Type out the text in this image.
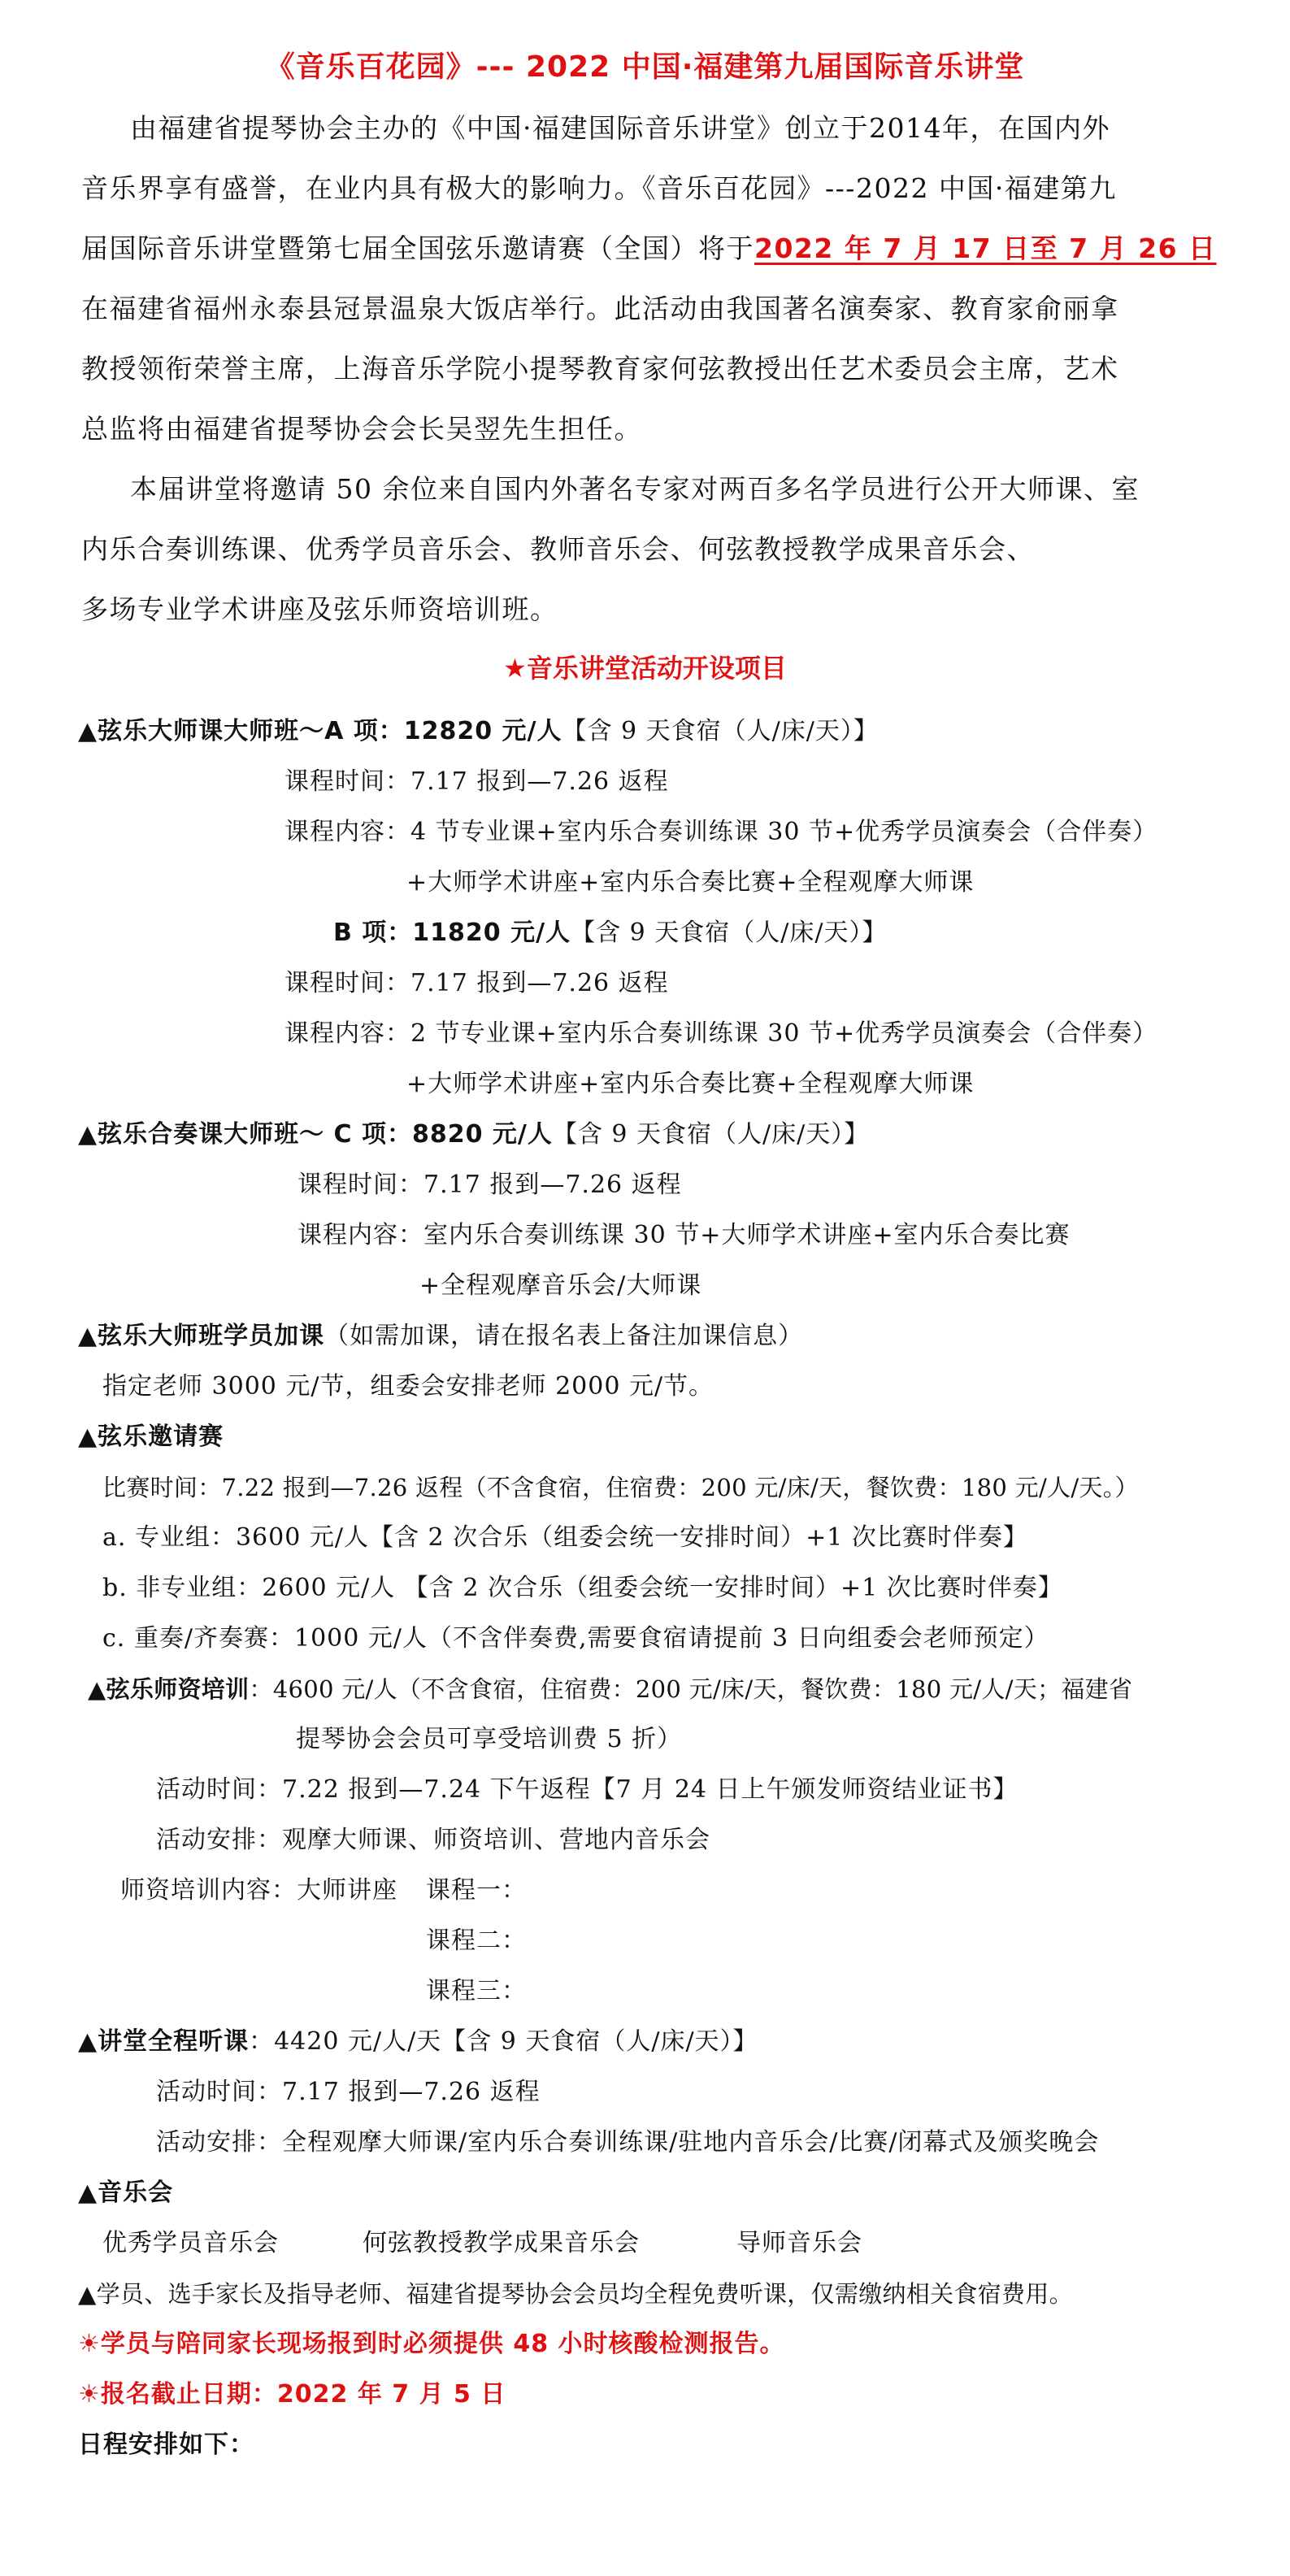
《音乐百花园》--- 2022 中国·福建第九届国际音乐讲堂
由福建省提琴协会主办的《中国·福建国际音乐讲堂》创立于2014年，在国内外
音乐界享有盛誉，在业内具有极大的影响力。《音乐百花园》---2022 中国·福建第九
届国际音乐讲堂暨第七届全国弦乐邀请赛（全国）将于2022 年 7 月 17 日至 7 月 26 日
在福建省福州永泰县冠景温泉大饭店举行。此活动由我国著名演奏家、教育家俞丽拿
教授领衔荣誉主席，上海音乐学院小提琴教育家何弦教授出任艺术委员会主席，艺术
总监将由福建省提琴协会会长吴翌先生担任。
本届讲堂将邀请 50 余位来自国内外著名专家对两百多名学员进行公开大师课、室
内乐合奏训练课、优秀学员音乐会、教师音乐会、何弦教授教学成果音乐会、
多场专业学术讲座及弦乐师资培训班。
★音乐讲堂活动开设项目
▲弦乐大师课大师班～A 项：12820 元/人【含 9 天食宿（人/床/天）】
课程时间：7.17 报到—7.26 返程
课程内容：4 节专业课+室内乐合奏训练课 30 节+优秀学员演奏会（合伴奏）
+大师学术讲座+室内乐合奏比赛+全程观摩大师课
B 项：11820 元/人【含 9 天食宿（人/床/天）】
课程时间：7.17 报到—7.26 返程
课程内容：2 节专业课+室内乐合奏训练课 30 节+优秀学员演奏会（合伴奏）
+大师学术讲座+室内乐合奏比赛+全程观摩大师课
▲弦乐合奏课大师班～ C 项：8820 元/人【含 9 天食宿（人/床/天）】
课程时间：7.17 报到—7.26 返程
课程内容：室内乐合奏训练课 30 节+大师学术讲座+室内乐合奏比赛
+全程观摩音乐会/大师课
▲弦乐大师班学员加课（如需加课，请在报名表上备注加课信息）
指定老师 3000 元/节，组委会安排老师 2000 元/节。
▲弦乐邀请赛
比赛时间：7.22 报到—7.26 返程（不含食宿，住宿费：200 元/床/天，餐饮费：180 元/人/天。）
a. 专业组：3600 元/人【含 2 次合乐（组委会统一安排时间）+1 次比赛时伴奏】
b. 非专业组：2600 元/人 【含 2 次合乐（组委会统一安排时间）+1 次比赛时伴奏】
c. 重奏/齐奏赛：1000 元/人（不含伴奏费,需要食宿请提前 3 日向组委会老师预定）
▲弦乐师资培训：4600 元/人（不含食宿，住宿费：200 元/床/天，餐饮费：180 元/人/天；福建省
提琴协会会员可享受培训费 5 折）
活动时间：7.22 报到—7.24 下午返程【7 月 24 日上午颁发师资结业证书】
活动安排：观摩大师课、师资培训、营地内音乐会
师资培训内容：大师讲座 课程一：
课程二：
课程三：
▲讲堂全程听课：4420 元/人/天【含 9 天食宿（人/床/天）】
活动时间：7.17 报到—7.26 返程
活动安排：全程观摩大师课/室内乐合奏训练课/驻地内音乐会/比赛/闭幕式及颁奖晚会
▲音乐会
优秀学员音乐会	何弦教授教学成果音乐会	导师音乐会
▲学员、选手家长及指导老师、福建省提琴协会会员均全程免费听课，仅需缴纳相关食宿费用。
☀学员与陪同家长现场报到时必须提供 48 小时核酸检测报告。
☀报名截止日期：2022 年 7 月 5 日
日程安排如下：
